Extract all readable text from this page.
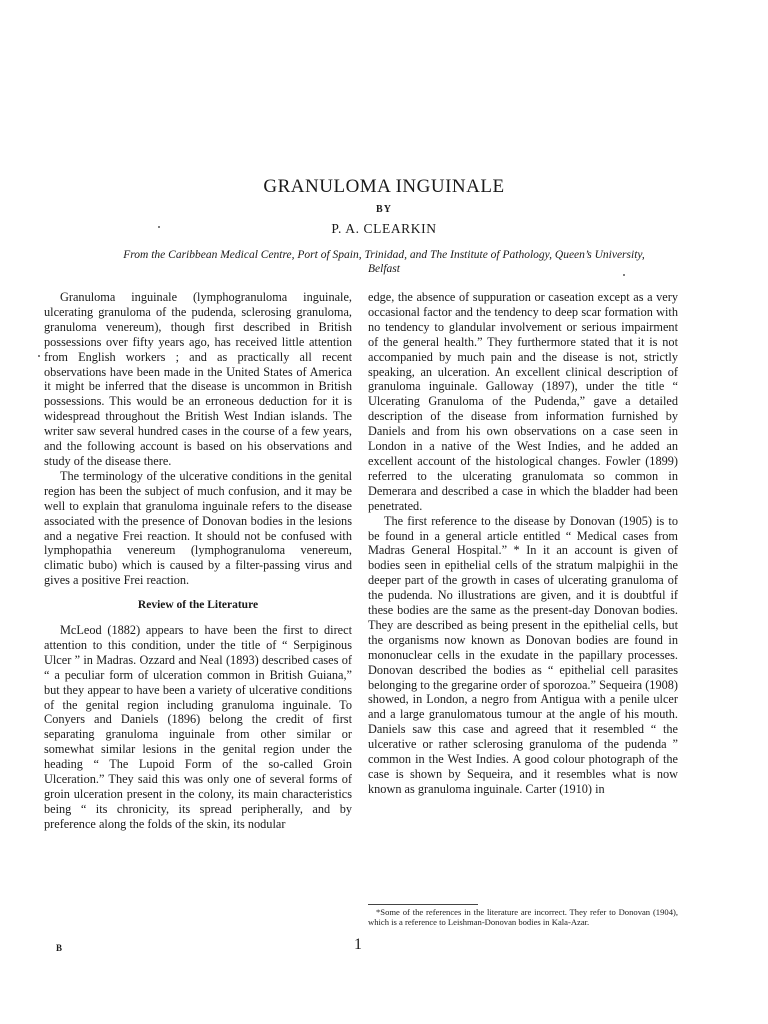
GRANULOMA INGUINALE
BY
P. A. CLEARKIN
From the Caribbean Medical Centre, Port of Spain, Trinidad, and The Institute of Pathology, Queen’s University, Belfast

Granuloma inguinale (lymphogranuloma inguinale, ulcerating granuloma of the pudenda, sclerosing granuloma, granuloma venereum), though first described in British possessions over fifty years ago, has received little attention from English workers ; and as practically all recent observations have been made in the United States of America it might be inferred that the disease is uncommon in British possessions. This would be an erroneous deduction for it is widespread throughout the British West Indian islands. The writer saw several hundred cases in the course of a few years, and the following account is based on his observations and study of the disease there.

The terminology of the ulcerative conditions in the genital region has been the subject of much confusion, and it may be well to explain that granuloma inguinale refers to the disease associated with the presence of Donovan bodies in the lesions and a negative Frei reaction. It should not be confused with lymphopathia venereum (lymphogranuloma venereum, climatic bubo) which is caused by a filter-passing virus and gives a positive Frei reaction.

Review of the Literature

McLeod (1882) appears to have been the first to direct attention to this condition, under the title of “ Serpiginous Ulcer ” in Madras. Ozzard and Neal (1893) described cases of “ a peculiar form of ulceration common in British Guiana,” but they appear to have been a variety of ulcerative conditions of the genital region including granuloma inguinale. To Conyers and Daniels (1896) belong the credit of first separating granuloma inguinale from other similar or somewhat similar lesions in the genital region under the heading “ The Lupoid Form of the so-called Groin Ulceration.” They said this was only one of several forms of groin ulceration present in the colony, its main characteristics being “ its chronicity, its spread peripherally, and by preference along the folds of the skin, its nodular

edge, the absence of suppuration or caseation except as a very occasional factor and the tendency to deep scar formation with no tendency to glandular involvement or serious impairment of the general health.” They furthermore stated that it is not accompanied by much pain and the disease is not, strictly speaking, an ulceration. An excellent clinical description of granuloma inguinale. Galloway (1897), under the title “ Ulcerating Granuloma of the Pudenda,” gave a detailed description of the disease from information furnished by Daniels and from his own observations on a case seen in London in a native of the West Indies, and he added an excellent account of the histological changes. Fowler (1899) referred to the ulcerating granulomata so common in Demerara and described a case in which the bladder had been penetrated.

The first reference to the disease by Donovan (1905) is to be found in a general article entitled “ Medical cases from Madras General Hospital.” * In it an account is given of bodies seen in epithelial cells of the stratum malpighii in the deeper part of the growth in cases of ulcerating granuloma of the pudenda. No illustrations are given, and it is doubtful if these bodies are the same as the present-day Donovan bodies. They are described as being present in the epithelial cells, but the organisms now known as Donovan bodies are found in mononuclear cells in the exudate in the papillary processes. Donovan described the bodies as “ epithelial cell parasites belonging to the gregarine order of sporozoa.” Sequeira (1908) showed, in London, a negro from Antigua with a penile ulcer and a large granulomatous tumour at the angle of his mouth. Daniels saw this case and agreed that it resembled “ the ulcerative or rather sclerosing granuloma of the pudenda ” common in the West Indies. A good colour photograph of the case is shown by Sequeira, and it resembles what is now known as granuloma inguinale. Carter (1910) in

*Some of the references in the literature are incorrect. They refer to Donovan (1904), which is a reference to Leishman-Donovan bodies in Kala-Azar.
B	1
